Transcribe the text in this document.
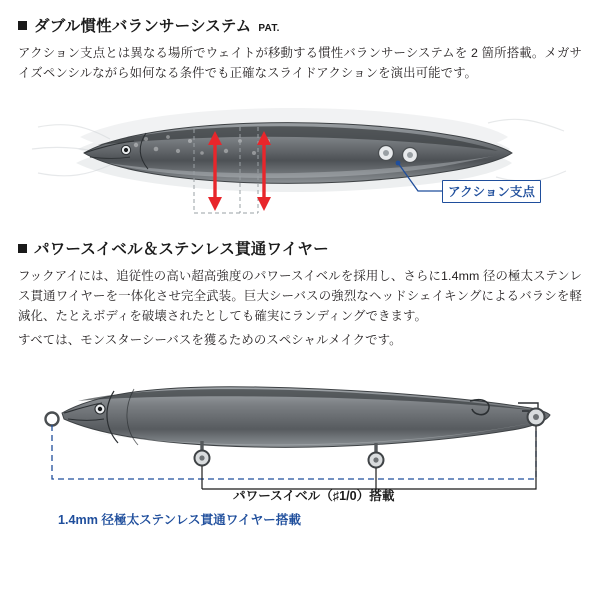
ダブル慣性バランサーシステム PAT.

アクション支点とは異なる場所でウェイトが移動する慣性バランサーシステムを 2 箇所搭載。メガサイズペンシルながら如何なる条件でも正確なスライドアクションを演出可能です。

アクション支点
パワースイベル＆ステンレス貫通ワイヤー

フックアイには、追従性の高い超高強度のパワースイベルを採用し、さらに1.4mm 径の極太ステンレス貫通ワイヤーを一体化させ完全武装。巨大シーバスの強烈なヘッドシェイキングによるバラシを軽減化、たとえボディを破壊されたとしても確実にランディングできます。

すべては、モンスターシーバスを獲るためのスペシャルメイクです。

パワースイベル（♯1/0）搭載
1.4mm 径極太ステンレス貫通ワイヤー搭載
